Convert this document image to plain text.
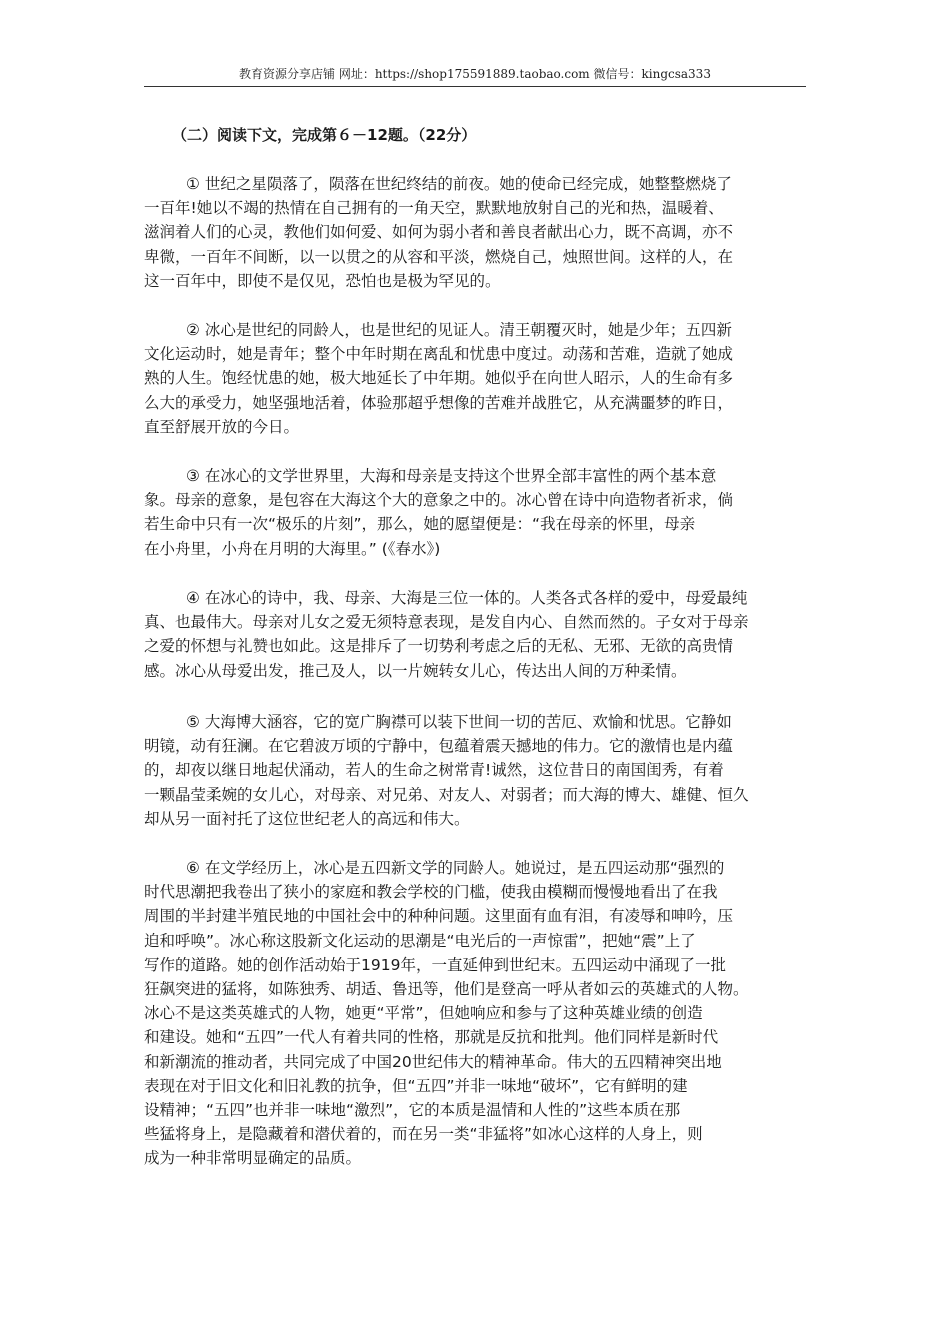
教育资源分享店铺 网址：https://shop175591889.taobao.com 微信号：kingcsa333
（二）阅读下文，完成第６－12题。（22分）
① 世纪之星陨落了，陨落在世纪终结的前夜。她的使命已经完成，她整整燃烧了
一百年!她以不竭的热情在自己拥有的一角天空，默默地放射自己的光和热，温暖着、
滋润着人们的心灵，教他们如何爱、如何为弱小者和善良者献出心力，既不高调，亦不
卑微，一百年不间断，以一以贯之的从容和平淡，燃烧自己，烛照世间。这样的人，在
这一百年中，即使不是仅见，恐怕也是极为罕见的。
② 冰心是世纪的同龄人，也是世纪的见证人。清王朝覆灭时，她是少年；五四新
文化运动时，她是青年；整个中年时期在离乱和忧患中度过。动荡和苦难，造就了她成
熟的人生。饱经忧患的她，极大地延长了中年期。她似乎在向世人昭示，人的生命有多
么大的承受力，她坚强地活着，体验那超乎想像的苦难并战胜它，从充满噩梦的昨日，
直至舒展开放的今日。
③ 在冰心的文学世界里，大海和母亲是支持这个世界全部丰富性的两个基本意
象。母亲的意象，是包容在大海这个大的意象之中的。冰心曾在诗中向造物者祈求，倘
若生命中只有一次“极乐的片刻”，那么，她的愿望便是：“我在母亲的怀里，母亲
在小舟里，小舟在月明的大海里。” (《春水》)
④ 在冰心的诗中，我、母亲、大海是三位一体的。人类各式各样的爱中，母爱最纯
真、也最伟大。母亲对儿女之爱无须特意表现，是发自内心、自然而然的。子女对于母亲
之爱的怀想与礼赞也如此。这是排斥了一切势利考虑之后的无私、无邪、无欲的高贵情
感。冰心从母爱出发，推己及人，以一片婉转女儿心，传达出人间的万种柔情。
⑤ 大海博大涵容，它的宽广胸襟可以装下世间一切的苦厄、欢愉和忧思。它静如
明镜，动有狂澜。在它碧波万顷的宁静中，包蕴着震天撼地的伟力。它的激情也是内蕴
的，却夜以继日地起伏涌动，若人的生命之树常青!诚然，这位昔日的南国闺秀，有着
一颗晶莹柔婉的女儿心，对母亲、对兄弟、对友人、对弱者；而大海的博大、雄健、恒久
却从另一面衬托了这位世纪老人的高远和伟大。
⑥ 在文学经历上，冰心是五四新文学的同龄人。她说过，是五四运动那“强烈的
时代思潮把我卷出了狭小的家庭和教会学校的门槛，使我由模糊而慢慢地看出了在我
周围的半封建半殖民地的中国社会中的种种问题。这里面有血有泪，有凌辱和呻吟，压
迫和呼唤”。冰心称这股新文化运动的思潮是“电光后的一声惊雷”，把她“震”上了
写作的道路。她的创作活动始于1919年，一直延伸到世纪末。五四运动中涌现了一批
狂飙突进的猛将，如陈独秀、胡适、鲁迅等，他们是登高一呼从者如云的英雄式的人物。
冰心不是这类英雄式的人物，她更“平常”，但她响应和参与了这种英雄业绩的创造
和建设。她和“五四”一代人有着共同的性格，那就是反抗和批判。他们同样是新时代
和新潮流的推动者，共同完成了中国20世纪伟大的精神革命。伟大的五四精神突出地
表现在对于旧文化和旧礼教的抗争，但“五四”并非一味地“破坏”，它有鲜明的建
设精神；“五四”也并非一味地“激烈”，它的本质是温情和人性的”这些本质在那
些猛将身上，是隐藏着和潜伏着的，而在另一类“非猛将”如冰心这样的人身上，则
成为一种非常明显确定的品质。
